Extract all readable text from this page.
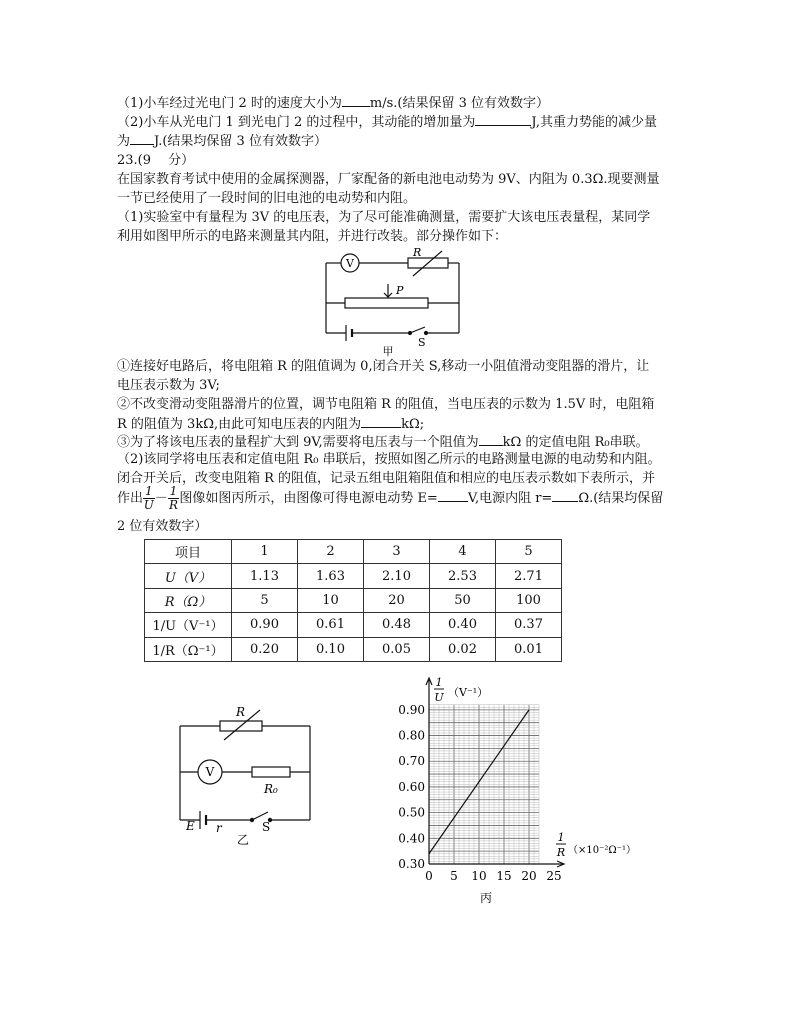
（1)小车经过光电门 2 时的速度大小为 m/s.(结果保留 3 位有效数字）
（2)小车从光电门 1 到光电门 2 的过程中，其动能的增加量为	J,其重力势能的减少量
为 J.(结果均保留 3 位有效数字）
23.(9　 分）
在国家教育考试中使用的金属探测器，厂家配备的新电池电动势为 9V、内阻为 0.3Ω.现要测量
一节已经使用了一段时间的旧电池的电动势和内阻。
（1)实验室中有量程为 3V 的电压表，为了尽可能准确测量，需要扩大该电压表量程，某同学
利用如图甲所示的电路来测量其内阻，并进行改装。部分操作如下：
V
R
P
S
甲
①连接好电路后，将电阻箱 R 的阻值调为 0,闭合开关 S,移动一小阻值滑动变阻器的滑片，让
电压表示数为 3V;
②不改变滑动变阻器滑片的位置，调节电阻箱 R 的阻值，当电压表的示数为 1.5V 时，电阻箱
R 的阻值为 3kΩ,由此可知电压表的内阻为	kΩ;
③为了将该电压表的量程扩大到 9V,需要将电压表与一个阻值为 kΩ 的定值电阻 R₀串联。
（2)该同学将电压表和定值电阻 R₀ 串联后，按照如图乙所示的电路测量电源的电动势和内阻。
闭合开关后，改变电阻箱 R 的阻值，记录五组电阻箱阻值和相应的电压表示数如下表所示，并
作出 $\frac{1}{U} - \frac{1}{R}$ 图像如图丙所示，由图像可得电源电动势 E= V,电源内阻 r= Ω.(结果均保留
2 位有效数字）
项目	1	2	3	4	5
U（V）	1.13	1.63	2.10	2.53	2.71
R（Ω）	5	10	20	50	100
1/U（V⁻¹）	0.90	0.61	0.48	0.40	0.37
1/R（Ω⁻¹）	0.20	0.10	0.05	0.02	0.01
R
V
R₀
E r	S
乙
0.30
0.40
0.50
0.60
0.70
0.80
0.90
0 5 10 15 20 25
1
U （V⁻¹）
1
R （×10⁻²Ω⁻¹）
丙
